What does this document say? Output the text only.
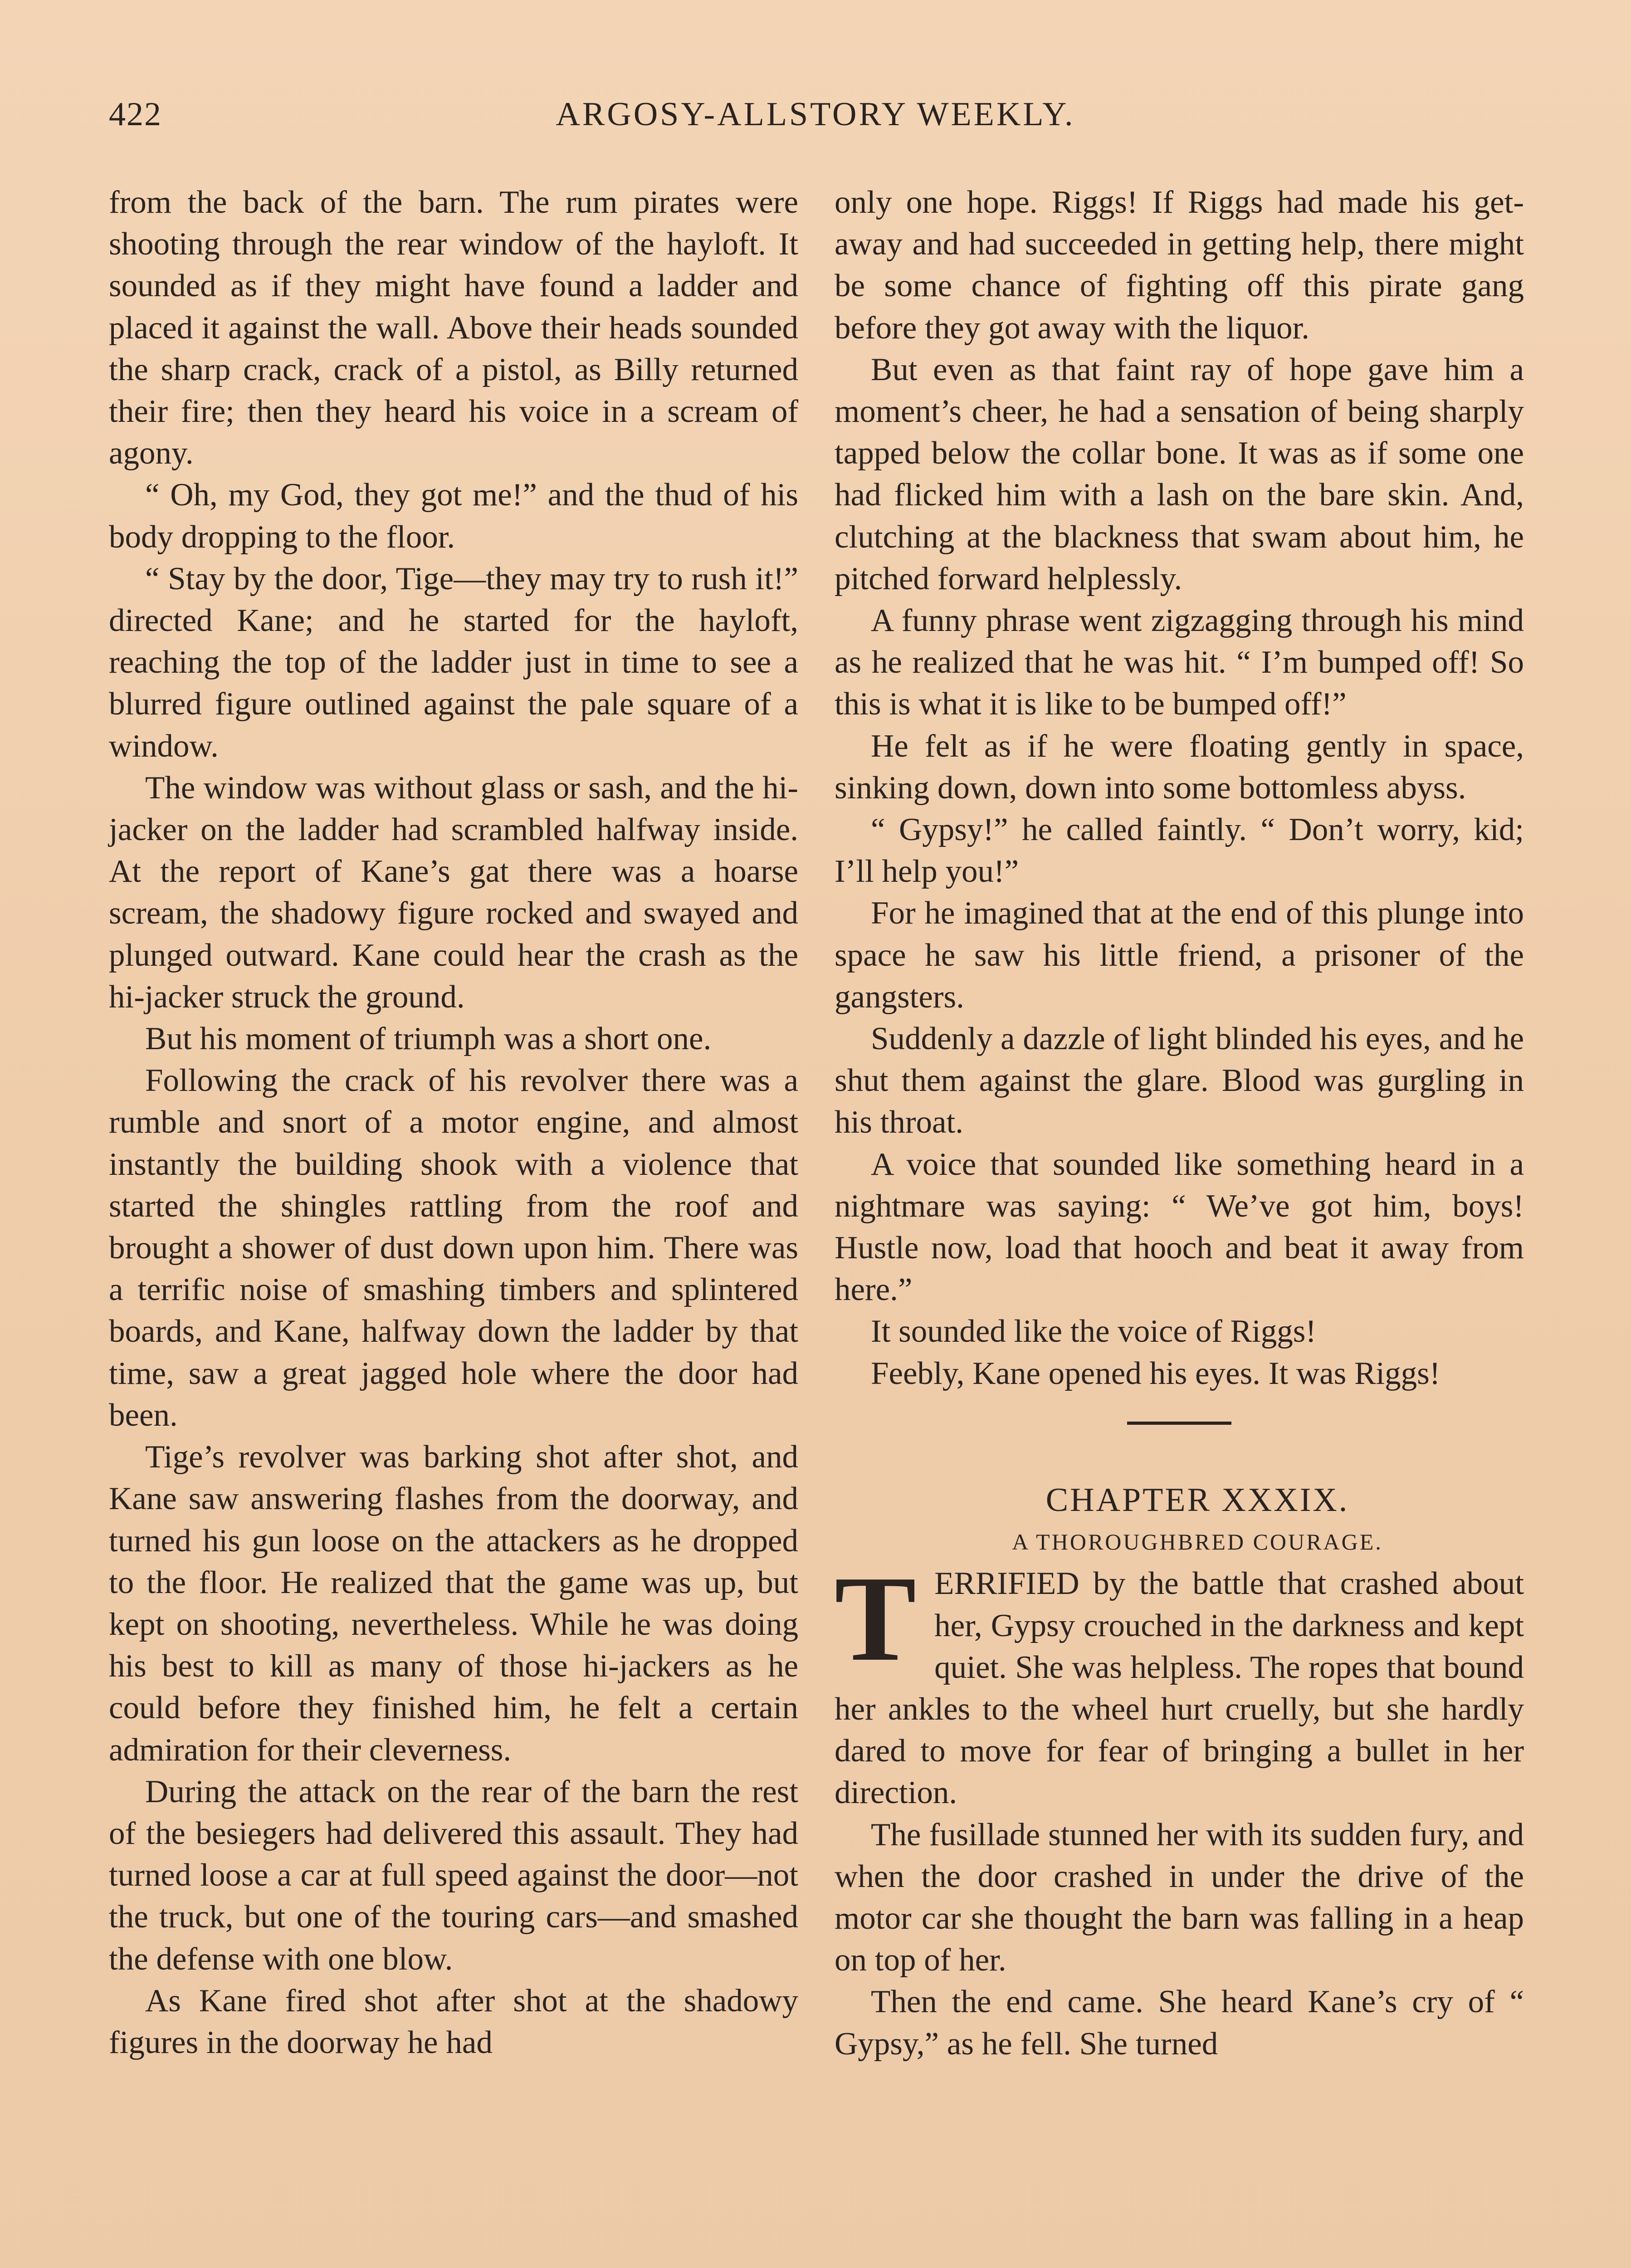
422	ARGOSY-ALLSTORY WEEKLY.

from the back of the barn. The rum pirates were shooting through the rear window of the hayloft. It sounded as if they might have found a ladder and placed it against the wall. Above their heads sounded the sharp crack, crack of a pistol, as Billy returned their fire; then they heard his voice in a scream of agony.

“ Oh, my God, they got me!” and the thud of his body dropping to the floor.

“ Stay by the door, Tige—they may try to rush it!” directed Kane; and he started for the hayloft, reaching the top of the ladder just in time to see a blurred figure outlined against the pale square of a window.

The window was without glass or sash, and the hi-jacker on the ladder had scrambled halfway inside. At the report of Kane’s gat there was a hoarse scream, the shadowy figure rocked and swayed and plunged outward. Kane could hear the crash as the hi-jacker struck the ground.

But his moment of triumph was a short one.

Following the crack of his revolver there was a rumble and snort of a motor engine, and almost instantly the building shook with a violence that started the shingles rattling from the roof and brought a shower of dust down upon him. There was a terrific noise of smashing timbers and splintered boards, and Kane, halfway down the ladder by that time, saw a great jagged hole where the door had been.

Tige’s revolver was barking shot after shot, and Kane saw answering flashes from the doorway, and turned his gun loose on the attackers as he dropped to the floor. He realized that the game was up, but kept on shooting, nevertheless. While he was doing his best to kill as many of those hi-jackers as he could before they finished him, he felt a certain admiration for their cleverness.

During the attack on the rear of the barn the rest of the besiegers had delivered this assault. They had turned loose a car at full speed against the door—not the truck, but one of the touring cars—and smashed the defense with one blow.

As Kane fired shot after shot at the shadowy figures in the doorway he had

only one hope. Riggs! If Riggs had made his get-away and had succeeded in getting help, there might be some chance of fighting off this pirate gang before they got away with the liquor.

But even as that faint ray of hope gave him a moment’s cheer, he had a sensation of being sharply tapped below the collar bone. It was as if some one had flicked him with a lash on the bare skin. And, clutching at the blackness that swam about him, he pitched forward helplessly.

A funny phrase went zigzagging through his mind as he realized that he was hit. “ I’m bumped off! So this is what it is like to be bumped off!”

He felt as if he were floating gently in space, sinking down, down into some bottomless abyss.

“ Gypsy!” he called faintly. “ Don’t worry, kid; I’ll help you!”

For he imagined that at the end of this plunge into space he saw his little friend, a prisoner of the gangsters.

Suddenly a dazzle of light blinded his eyes, and he shut them against the glare. Blood was gurgling in his throat.

A voice that sounded like something heard in a nightmare was saying: “ We’ve got him, boys! Hustle now, load that hooch and beat it away from here.”

It sounded like the voice of Riggs!

Feebly, Kane opened his eyes. It was Riggs!

CHAPTER XXXIX.

A THOROUGHBRED COURAGE.

TERRIFIED by the battle that crashed about her, Gypsy crouched in the darkness and kept quiet. She was helpless. The ropes that bound her ankles to the wheel hurt cruelly, but she hardly dared to move for fear of bringing a bullet in her direction.

The fusillade stunned her with its sudden fury, and when the door crashed in under the drive of the motor car she thought the barn was falling in a heap on top of her.

Then the end came. She heard Kane’s cry of “ Gypsy,” as he fell. She turned
